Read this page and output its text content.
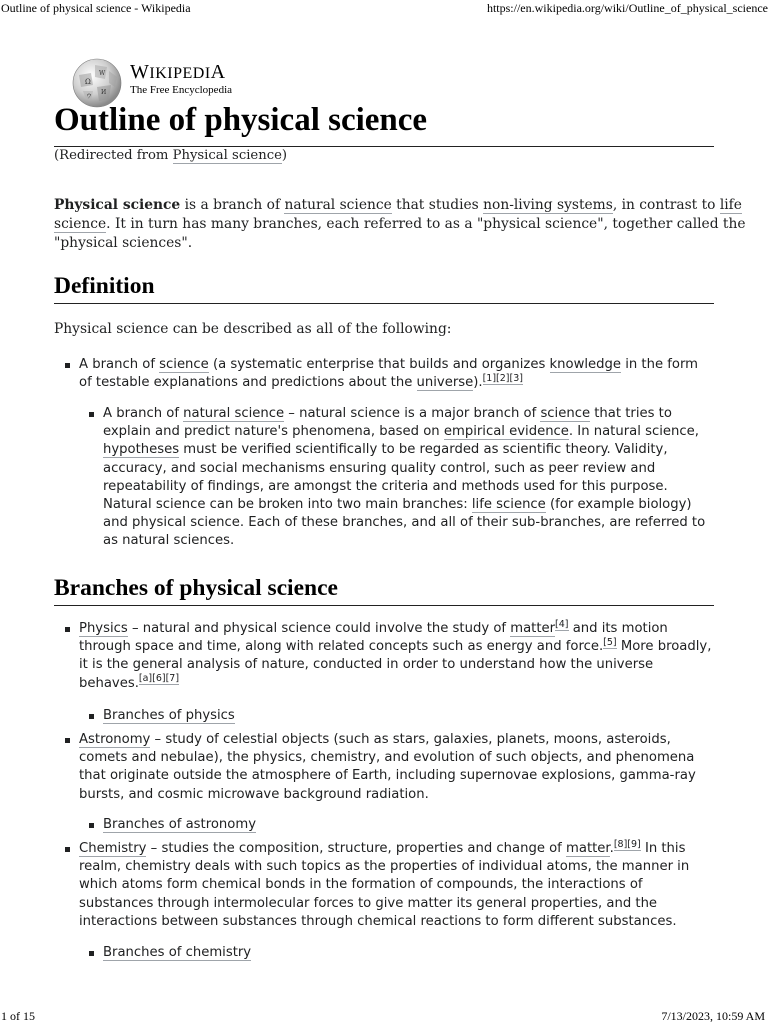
Outline of physical science - Wikipedia	https://en.wikipedia.org/wiki/Outline_of_physical_science
1 of 15	7/13/2023, 10:59 AM
Ω
W
И
ウ
WIKIPEDIA
The Free Encyclopedia
Outline of physical science
(Redirected from Physical science)
Physical science is a branch of natural science that studies non-living systems, in contrast to life
science. It in turn has many branches, each referred to as a "physical science", together called the
"physical sciences".
Definition
Physical science can be described as all of the following:
A branch of science (a systematic enterprise that builds and organizes knowledge in the form
of testable explanations and predictions about the universe).[1][2][3]
A branch of natural science – natural science is a major branch of science that tries to
explain and predict nature's phenomena, based on empirical evidence. In natural science,
hypotheses must be verified scientifically to be regarded as scientific theory. Validity,
accuracy, and social mechanisms ensuring quality control, such as peer review and
repeatability of findings, are amongst the criteria and methods used for this purpose.
Natural science can be broken into two main branches: life science (for example biology)
and physical science. Each of these branches, and all of their sub-branches, are referred to
as natural sciences.
Branches of physical science
Physics – natural and physical science could involve the study of matter[4] and its motion
through space and time, along with related concepts such as energy and force.[5] More broadly,
it is the general analysis of nature, conducted in order to understand how the universe
behaves.[a][6][7]
Branches of physics
Astronomy – study of celestial objects (such as stars, galaxies, planets, moons, asteroids,
comets and nebulae), the physics, chemistry, and evolution of such objects, and phenomena
that originate outside the atmosphere of Earth, including supernovae explosions, gamma-ray
bursts, and cosmic microwave background radiation.
Branches of astronomy
Chemistry – studies the composition, structure, properties and change of matter.[8][9] In this
realm, chemistry deals with such topics as the properties of individual atoms, the manner in
which atoms form chemical bonds in the formation of compounds, the interactions of
substances through intermolecular forces to give matter its general properties, and the
interactions between substances through chemical reactions to form different substances.
Branches of chemistry
